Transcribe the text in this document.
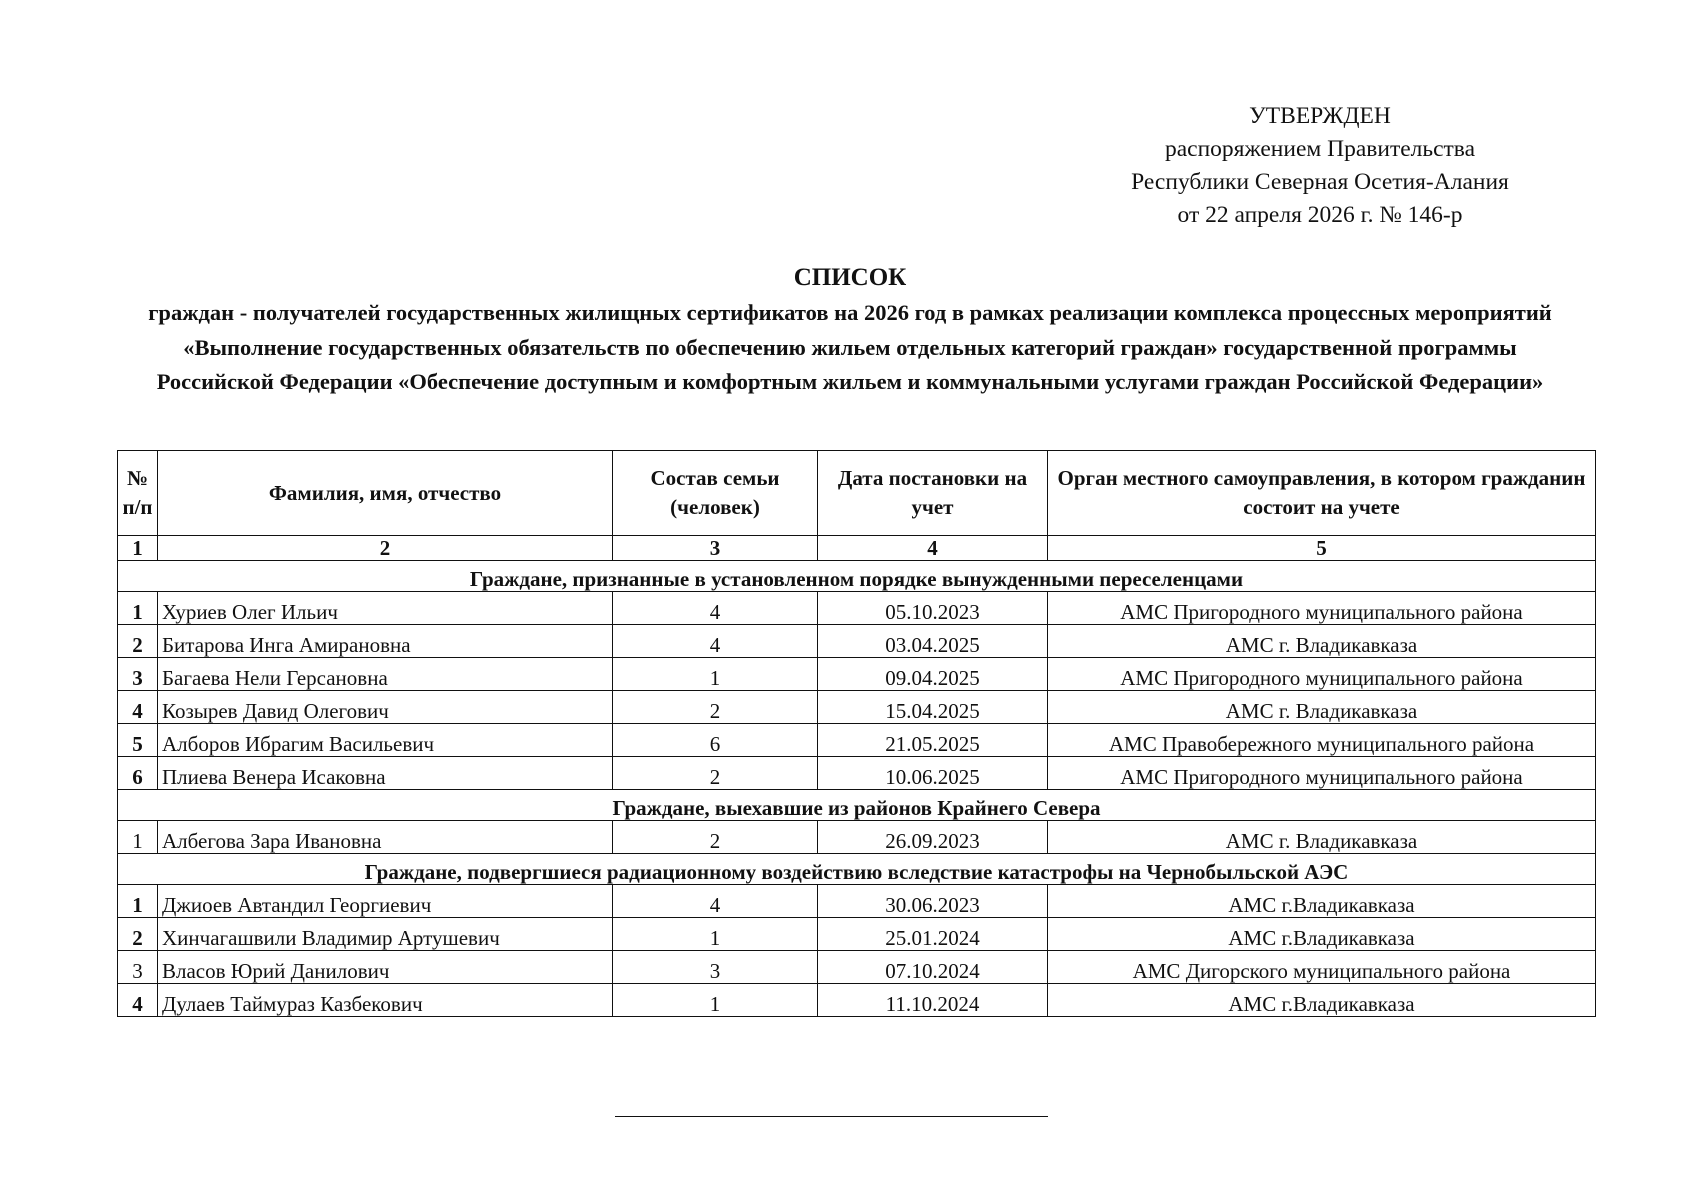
УТВЕРЖДЕН
распоряжением Правительства
Республики Северная Осетия-Алания
от 22 апреля 2026 г. № 146-р
СПИСОК
граждан - получателей государственных жилищных сертификатов на 2026 год в рамках реализации комплекса процессных мероприятий «Выполнение государственных обязательств по обеспечению жильем отдельных категорий граждан» государственной программы Российской Федерации «Обеспечение доступным и комфортным жильем и коммунальными услугами граждан Российской Федерации»
№ п/п	Фамилия, имя, отчество	Состав семьи (человек)	Дата постановки на учет	Орган местного самоуправления, в котором гражданин состоит на учете
1	2	3	4	5
Граждане, признанные в установленном порядке вынужденными переселенцами				
1	Хуриев Олег Ильич	4	05.10.2023	АМС Пригородного муниципального района
2	Битарова Инга Амирановна	4	03.04.2025	АМС г. Владикавказа
3	Багаева Нели Герсановна	1	09.04.2025	АМС Пригородного муниципального района
4	Козырев Давид Олегович	2	15.04.2025	АМС г. Владикавказа
5	Алборов Ибрагим Васильевич	6	21.05.2025	АМС Правобережного муниципального района
6	Плиева Венера Исаковна	2	10.06.2025	АМС Пригородного муниципального района
Граждане, выехавшие из районов Крайнего Севера				
1	Албегова Зара Ивановна	2	26.09.2023	АМС г. Владикавказа
Граждане, подвергшиеся радиационному воздействию вследствие катастрофы на Чернобыльской АЭС				
1	Джиоев Автандил Георгиевич	4	30.06.2023	АМС г.Владикавказа
2	Хинчагашвили Владимир Артушевич	1	25.01.2024	АМС г.Владикавказа
3	Власов Юрий Данилович	3	07.10.2024	АМС Дигорского муниципального района
4	Дулаев Таймураз Казбекович	1	11.10.2024	АМС г.Владикавказа
